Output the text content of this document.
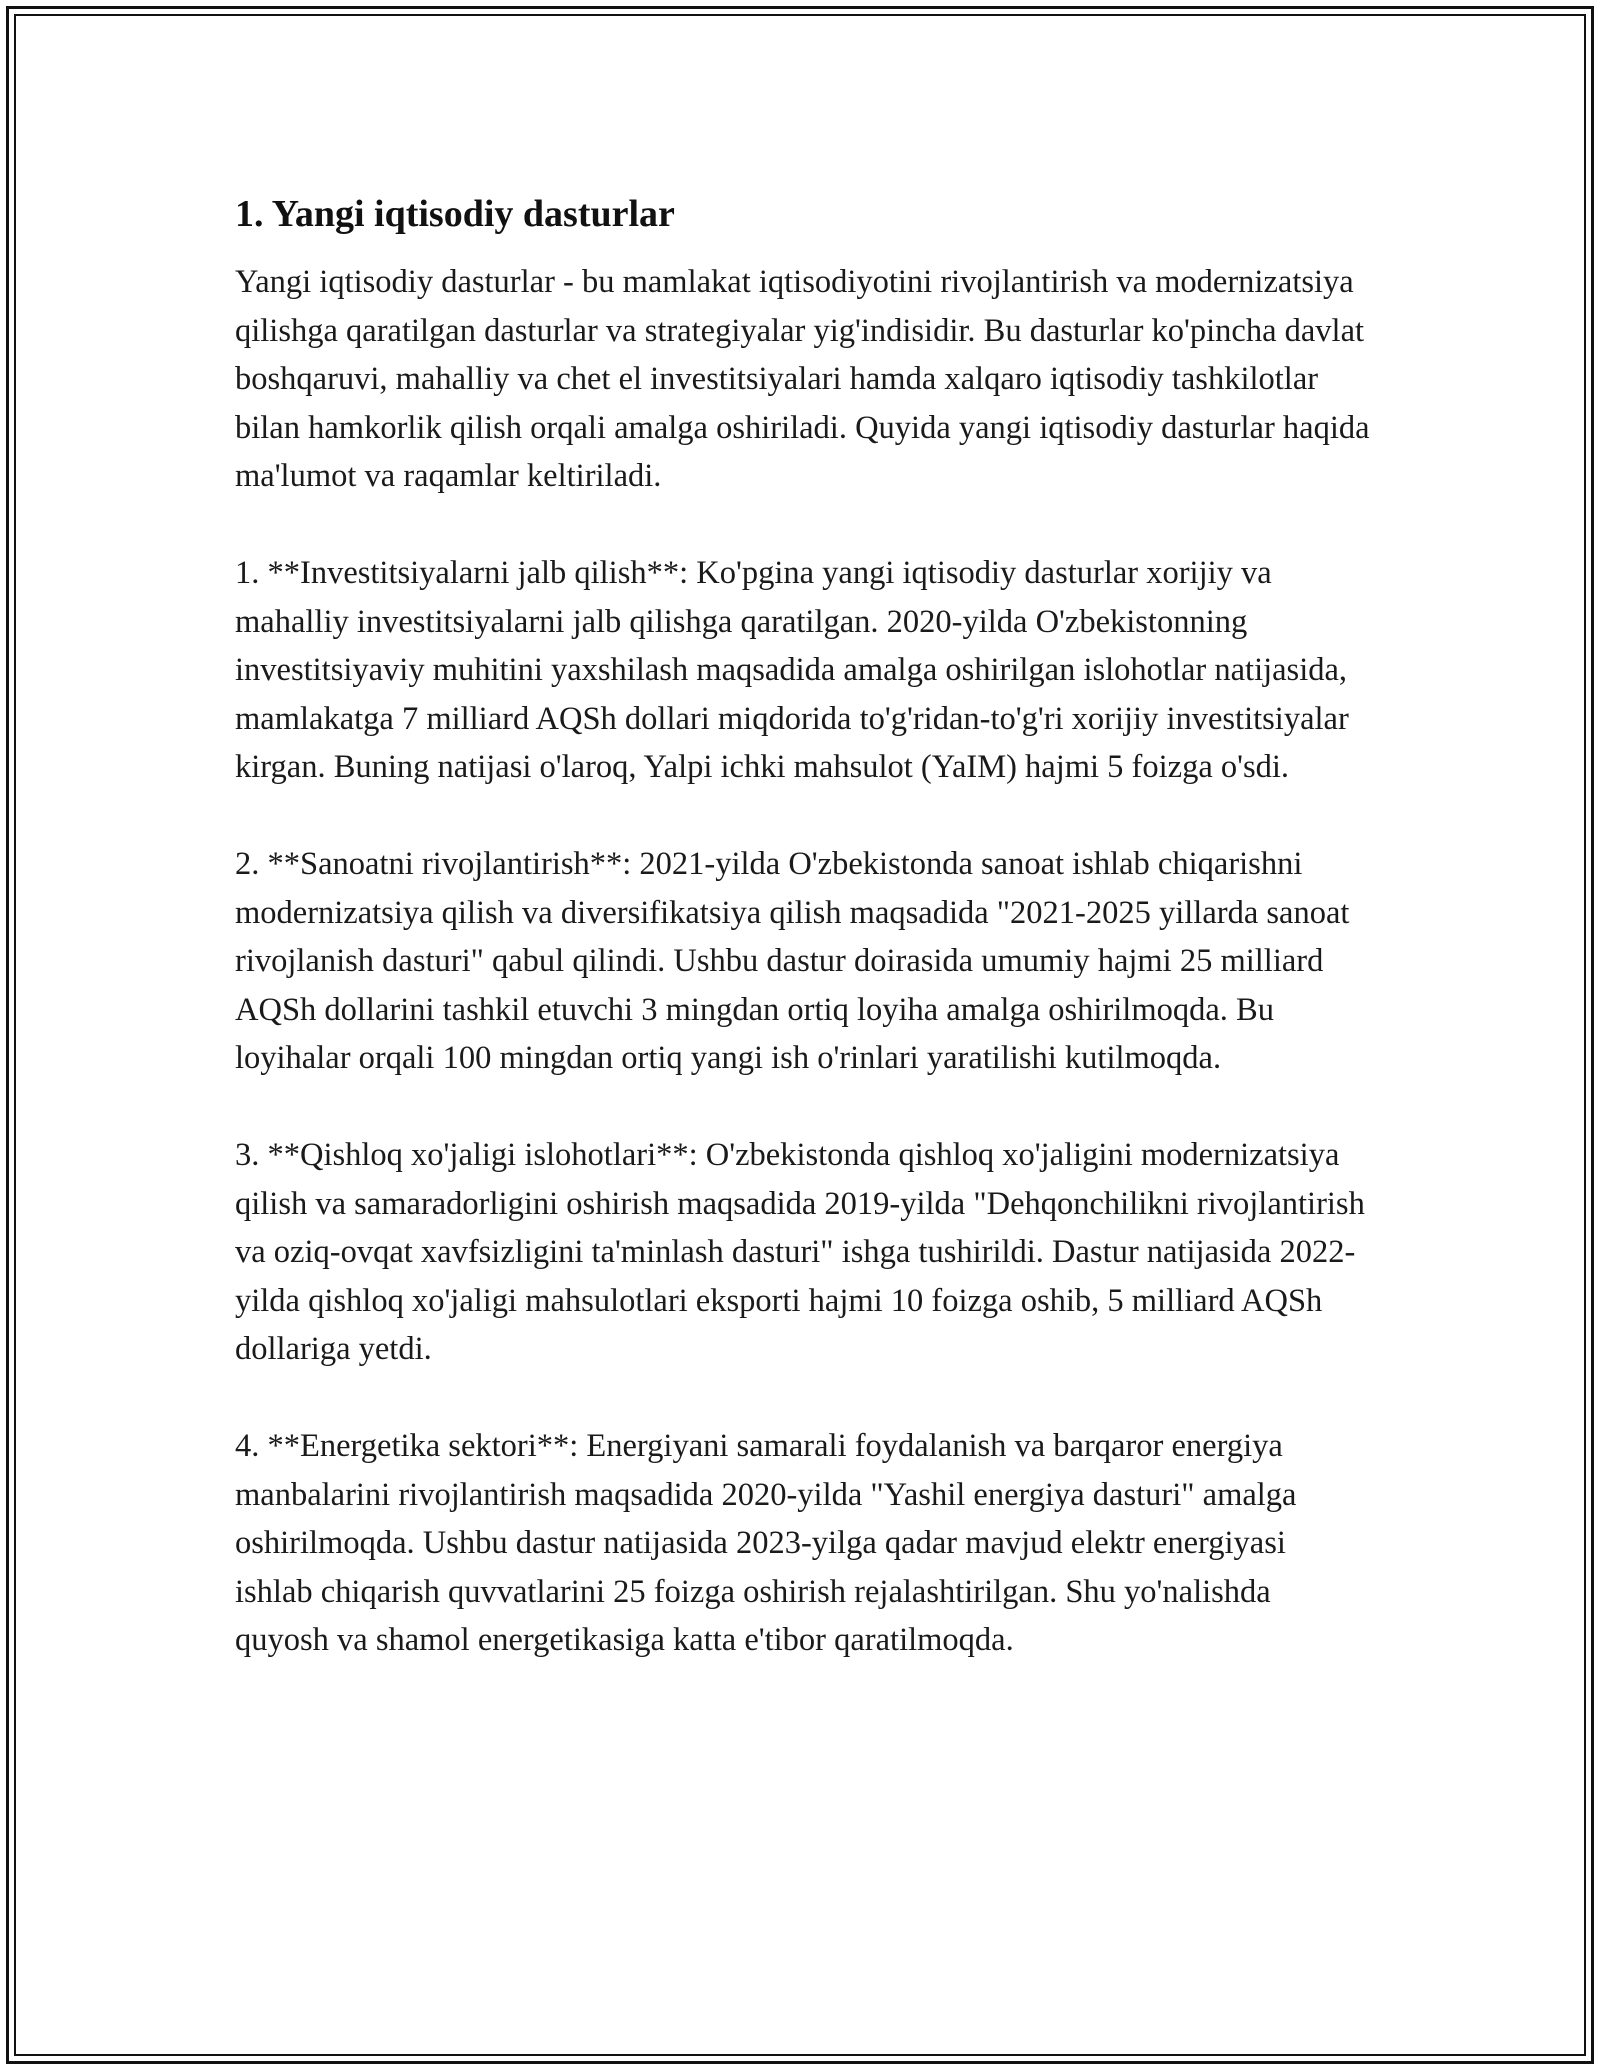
1. Yangi iqtisodiy dasturlar

Yangi iqtisodiy dasturlar - bu mamlakat iqtisodiyotini rivojlantirish va modernizatsiya qilishga qaratilgan dasturlar va strategiyalar yig'indisidir. Bu dasturlar ko'pincha davlat boshqaruvi, mahalliy va chet el investitsiyalari hamda xalqaro iqtisodiy tashkilotlar bilan hamkorlik qilish orqali amalga oshiriladi. Quyida yangi iqtisodiy dasturlar haqida ma'lumot va raqamlar keltiriladi.

1. **Investitsiyalarni jalb qilish**: Ko'pgina yangi iqtisodiy dasturlar xorijiy va mahalliy investitsiyalarni jalb qilishga qaratilgan. 2020-yilda O'zbekistonning investitsiyaviy muhitini yaxshilash maqsadida amalga oshirilgan islohotlar natijasida, mamlakatga 7 milliard AQSh dollari miqdorida to'g'ridan-to'g'ri xorijiy investitsiyalar kirgan. Buning natijasi o'laroq, Yalpi ichki mahsulot (YaIM) hajmi 5 foizga o'sdi.

2. **Sanoatni rivojlantirish**: 2021-yilda O'zbekistonda sanoat ishlab chiqarishni modernizatsiya qilish va diversifikatsiya qilish maqsadida "2021-2025 yillarda sanoat rivojlanish dasturi" qabul qilindi. Ushbu dastur doirasida umumiy hajmi 25 milliard AQSh dollarini tashkil etuvchi 3 mingdan ortiq loyiha amalga oshirilmoqda. Bu loyihalar orqali 100 mingdan ortiq yangi ish o'rinlari yaratilishi kutilmoqda.

3. **Qishloq xo'jaligi islohotlari**: O'zbekistonda qishloq xo'jaligini modernizatsiya qilish va samaradorligini oshirish maqsadida 2019-yilda "Dehqonchilikni rivojlantirish va oziq-ovqat xavfsizligini ta'minlash dasturi" ishga tushirildi. Dastur natijasida 2022-yilda qishloq xo'jaligi mahsulotlari eksporti hajmi 10 foizga oshib, 5 milliard AQSh dollariga yetdi.

4. **Energetika sektori**: Energiyani samarali foydalanish va barqaror energiya manbalarini rivojlantirish maqsadida 2020-yilda "Yashil energiya dasturi" amalga oshirilmoqda. Ushbu dastur natijasida 2023-yilga qadar mavjud elektr energiyasi ishlab chiqarish quvvatlarini 25 foizga oshirish rejalashtirilgan. Shu yo'nalishda quyosh va shamol energetikasiga katta e'tibor qaratilmoqda.
